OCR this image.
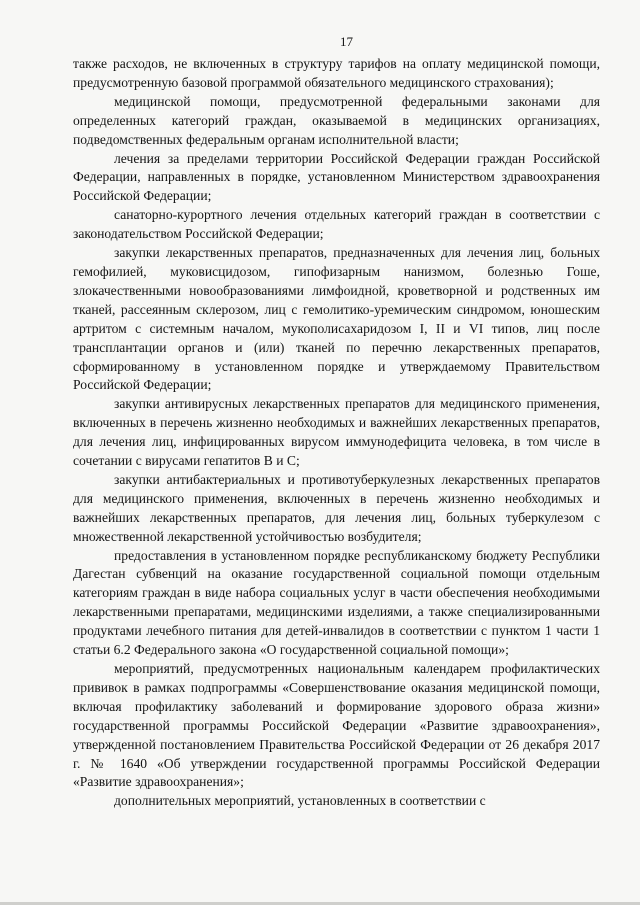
17

также расходов, не включенных в структуру тарифов на оплату медицинской помощи, предусмотренную базовой программой обязательного медицинского страхования);

медицинской помощи, предусмотренной федеральными законами для определенных категорий граждан, оказываемой в медицинских организациях, подведомственных федеральным органам исполнительной власти;

лечения за пределами территории Российской Федерации граждан Российской Федерации, направленных в порядке, установленном Министерством здравоохранения Российской Федерации;

санаторно-курортного лечения отдельных категорий граждан в соответствии с законодательством Российской Федерации;

закупки лекарственных препаратов, предназначенных для лечения лиц, больных гемофилией, муковисцидозом, гипофизарным нанизмом, болезнью Гоше, злокачественными новообразованиями лимфоидной, кроветворной и родственных им тканей, рассеянным склерозом, лиц с гемолитико-уремическим синдромом, юношеским артритом с системным началом, мукополисахаридозом I, II и VI типов, лиц после трансплантации органов и (или) тканей по перечню лекарственных препаратов, сформированному в установленном порядке и утверждаемому Правительством Российской Федерации;

закупки антивирусных лекарственных препаратов для медицинского применения, включенных в перечень жизненно необходимых и важнейших лекарственных препаратов, для лечения лиц, инфицированных вирусом иммунодефицита человека, в том числе в сочетании с вирусами гепатитов В и С;

закупки антибактериальных и противотуберкулезных лекарственных препаратов для медицинского применения, включенных в перечень жизненно необходимых и важнейших лекарственных препаратов, для лечения лиц, больных туберкулезом с множественной лекарственной устойчивостью возбудителя;

предоставления в установленном порядке республиканскому бюджету Республики Дагестан субвенций на оказание государственной социальной помощи отдельным категориям граждан в виде набора социальных услуг в части обеспечения необходимыми лекарственными препаратами, медицинскими изделиями, а также специализированными продуктами лечебного питания для детей-инвалидов в соответствии с пунктом 1 части 1 статьи 6.2 Федерального закона «О государственной социальной помощи»;

мероприятий, предусмотренных национальным календарем профилактических прививок в рамках подпрограммы «Совершенствование оказания медицинской помощи, включая профилактику заболеваний и формирование здорового образа жизни» государственной программы Российской Федерации «Развитие здравоохранения», утвержденной постановлением Правительства Российской Федерации от 26 декабря 2017 г. № 1640 «Об утверждении государственной программы Российской Федерации «Развитие здравоохранения»;

дополнительных мероприятий, установленных в соответствии с
